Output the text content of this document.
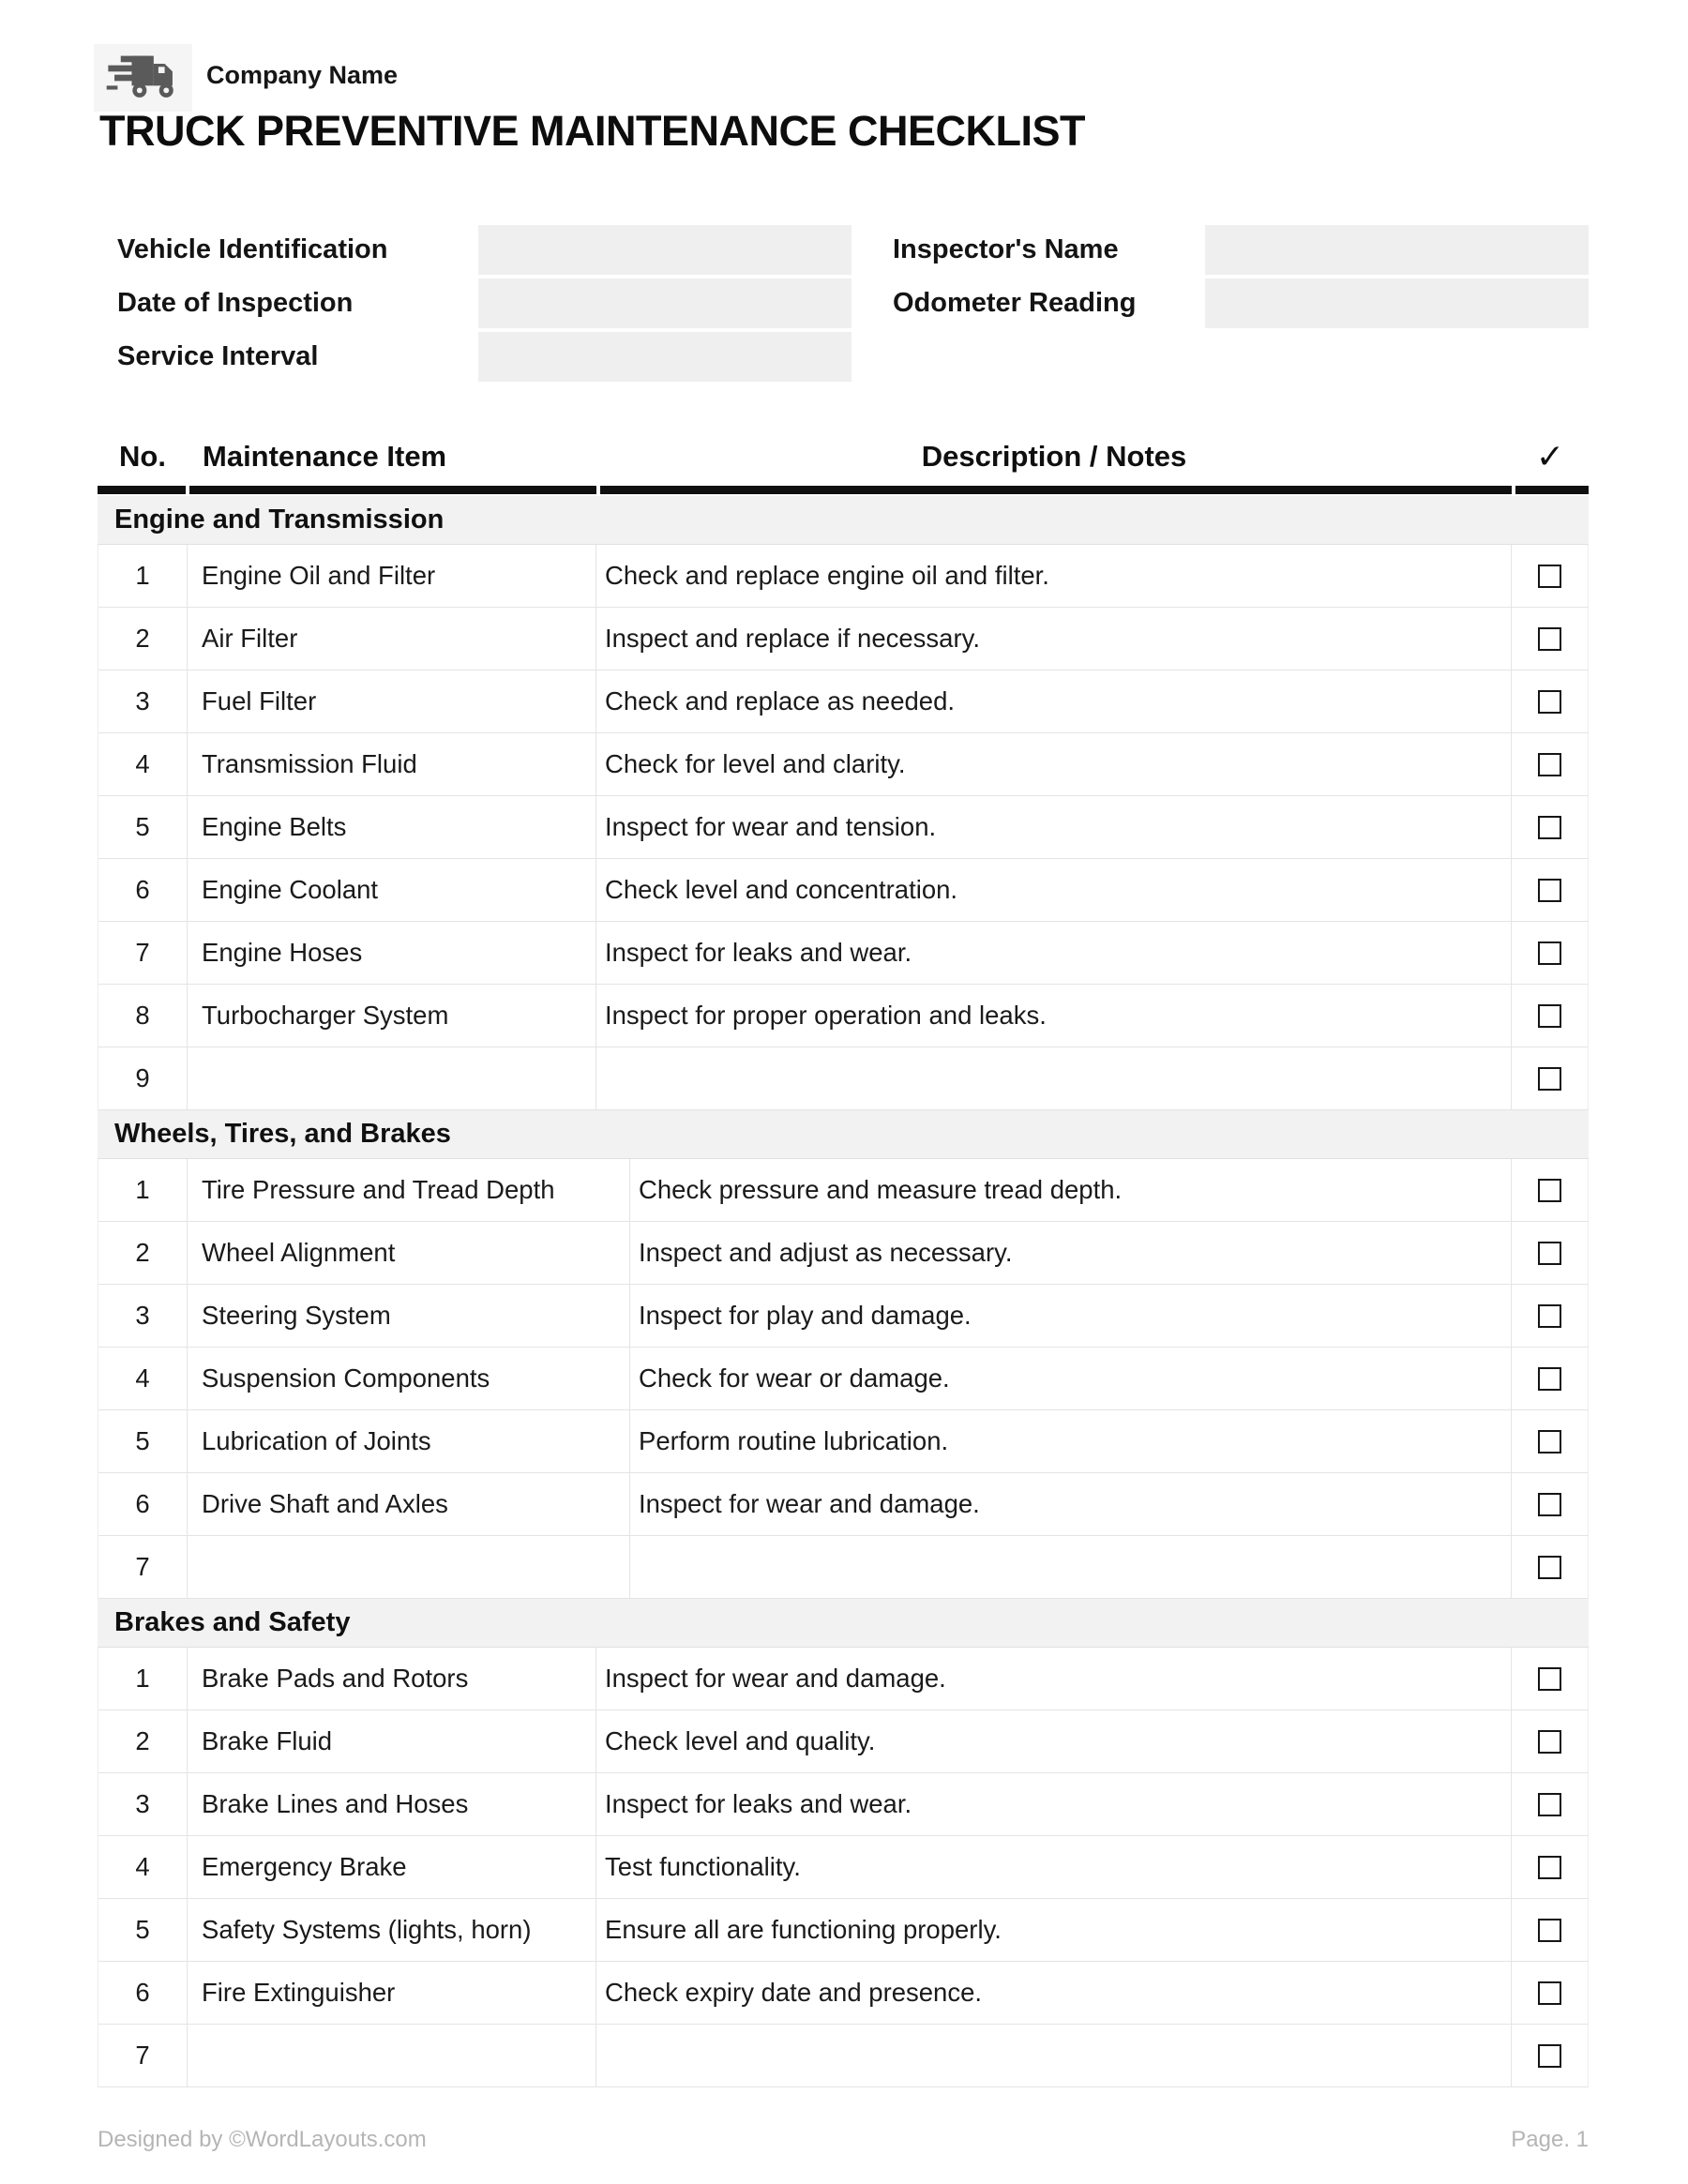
Company Name
TRUCK PREVENTIVE MAINTENANCE CHECKLIST
Vehicle Identification	Inspector's Name
Date of Inspection	Odometer Reading
Service Interval
No.	Maintenance Item	Description / Notes	✓
Engine and Transmission
1	Engine Oil and Filter	Check and replace engine oil and filter.
2	Air Filter	Inspect and replace if necessary.
3	Fuel Filter	Check and replace as needed.
4	Transmission Fluid	Check for level and clarity.
5	Engine Belts	Inspect for wear and tension.
6	Engine Coolant	Check level and concentration.
7	Engine Hoses	Inspect for leaks and wear.
8	Turbocharger System	Inspect for proper operation and leaks.
9
Wheels, Tires, and Brakes
1	Tire Pressure and Tread Depth	Check pressure and measure tread depth.
2	Wheel Alignment	Inspect and adjust as necessary.
3	Steering System	Inspect for play and damage.
4	Suspension Components	Check for wear or damage.
5	Lubrication of Joints	Perform routine lubrication.
6	Drive Shaft and Axles	Inspect for wear and damage.
7
Brakes and Safety
1	Brake Pads and Rotors	Inspect for wear and damage.
2	Brake Fluid	Check level and quality.
3	Brake Lines and Hoses	Inspect for leaks and wear.
4	Emergency Brake	Test functionality.
5	Safety Systems (lights, horn)	Ensure all are functioning properly.
6	Fire Extinguisher	Check expiry date and presence.
7
Designed by ©WordLayouts.com	Page. 1
